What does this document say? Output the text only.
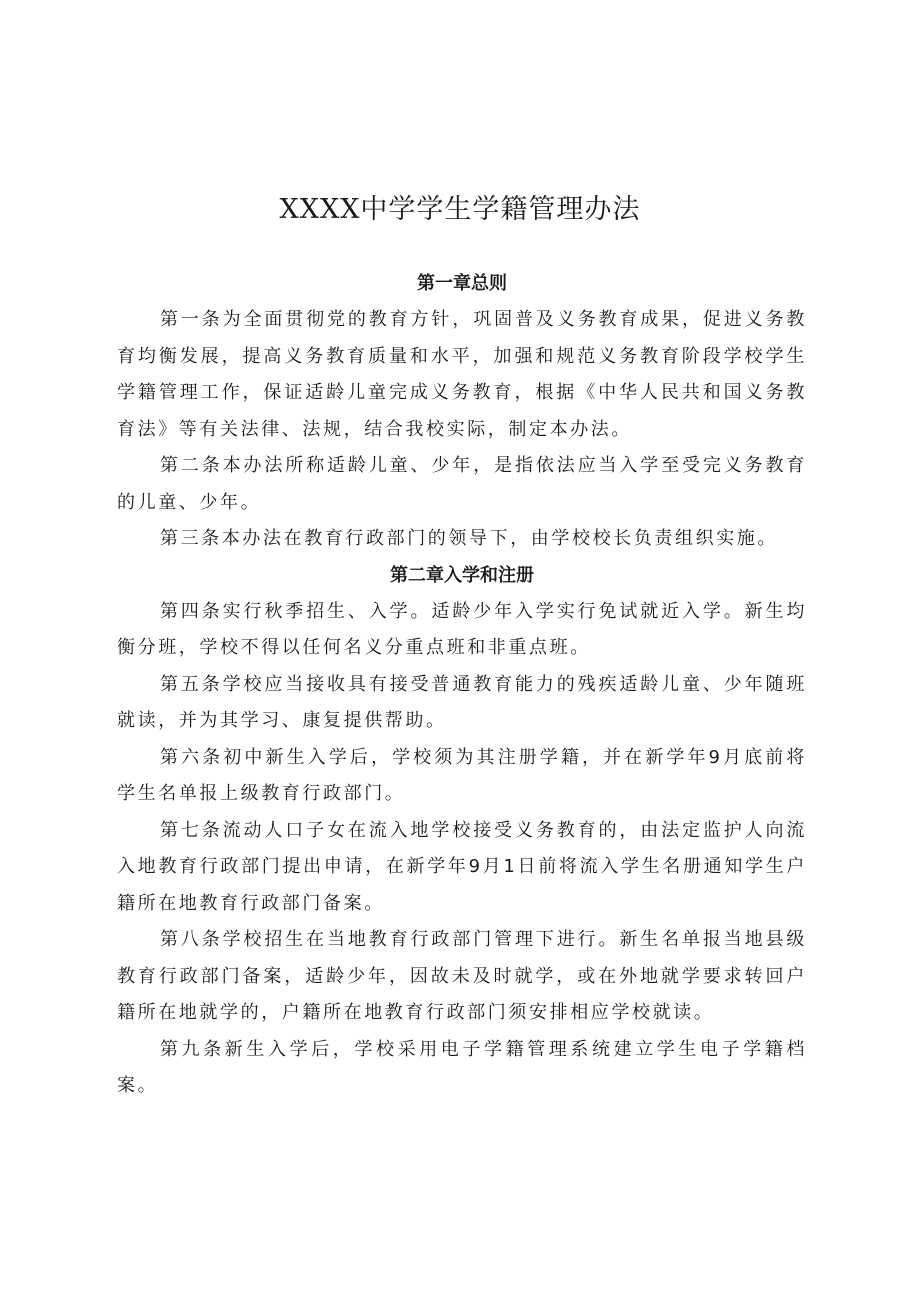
XXXX中学学生学籍管理办法

第一章总则

第一条为全面贯彻党的教育方针，巩固普及义务教育成果，促进义务教育均衡发展，提高义务教育质量和水平，加强和规范义务教育阶段学校学生学籍管理工作，保证适龄儿童完成义务教育，根据《中华人民共和国义务教育法》等有关法律、法规，结合我校实际，制定本办法。

第二条本办法所称适龄儿童、少年，是指依法应当入学至受完义务教育的儿童、少年。

第三条本办法在教育行政部门的领导下，由学校校长负责组织实施。

第二章入学和注册

第四条实行秋季招生、入学。适龄少年入学实行免试就近入学。新生均衡分班，学校不得以任何名义分重点班和非重点班。

第五条学校应当接收具有接受普通教育能力的残疾适龄儿童、少年随班就读，并为其学习、康复提供帮助。

第六条初中新生入学后，学校须为其注册学籍，并在新学年9月底前将学生名单报上级教育行政部门。

第七条流动人口子女在流入地学校接受义务教育的，由法定监护人向流入地教育行政部门提出申请，在新学年9月1日前将流入学生名册通知学生户籍所在地教育行政部门备案。

第八条学校招生在当地教育行政部门管理下进行。新生名单报当地县级教育行政部门备案，适龄少年，因故未及时就学，或在外地就学要求转回户籍所在地就学的，户籍所在地教育行政部门须安排相应学校就读。

第九条新生入学后，学校采用电子学籍管理系统建立学生电子学籍档案。
